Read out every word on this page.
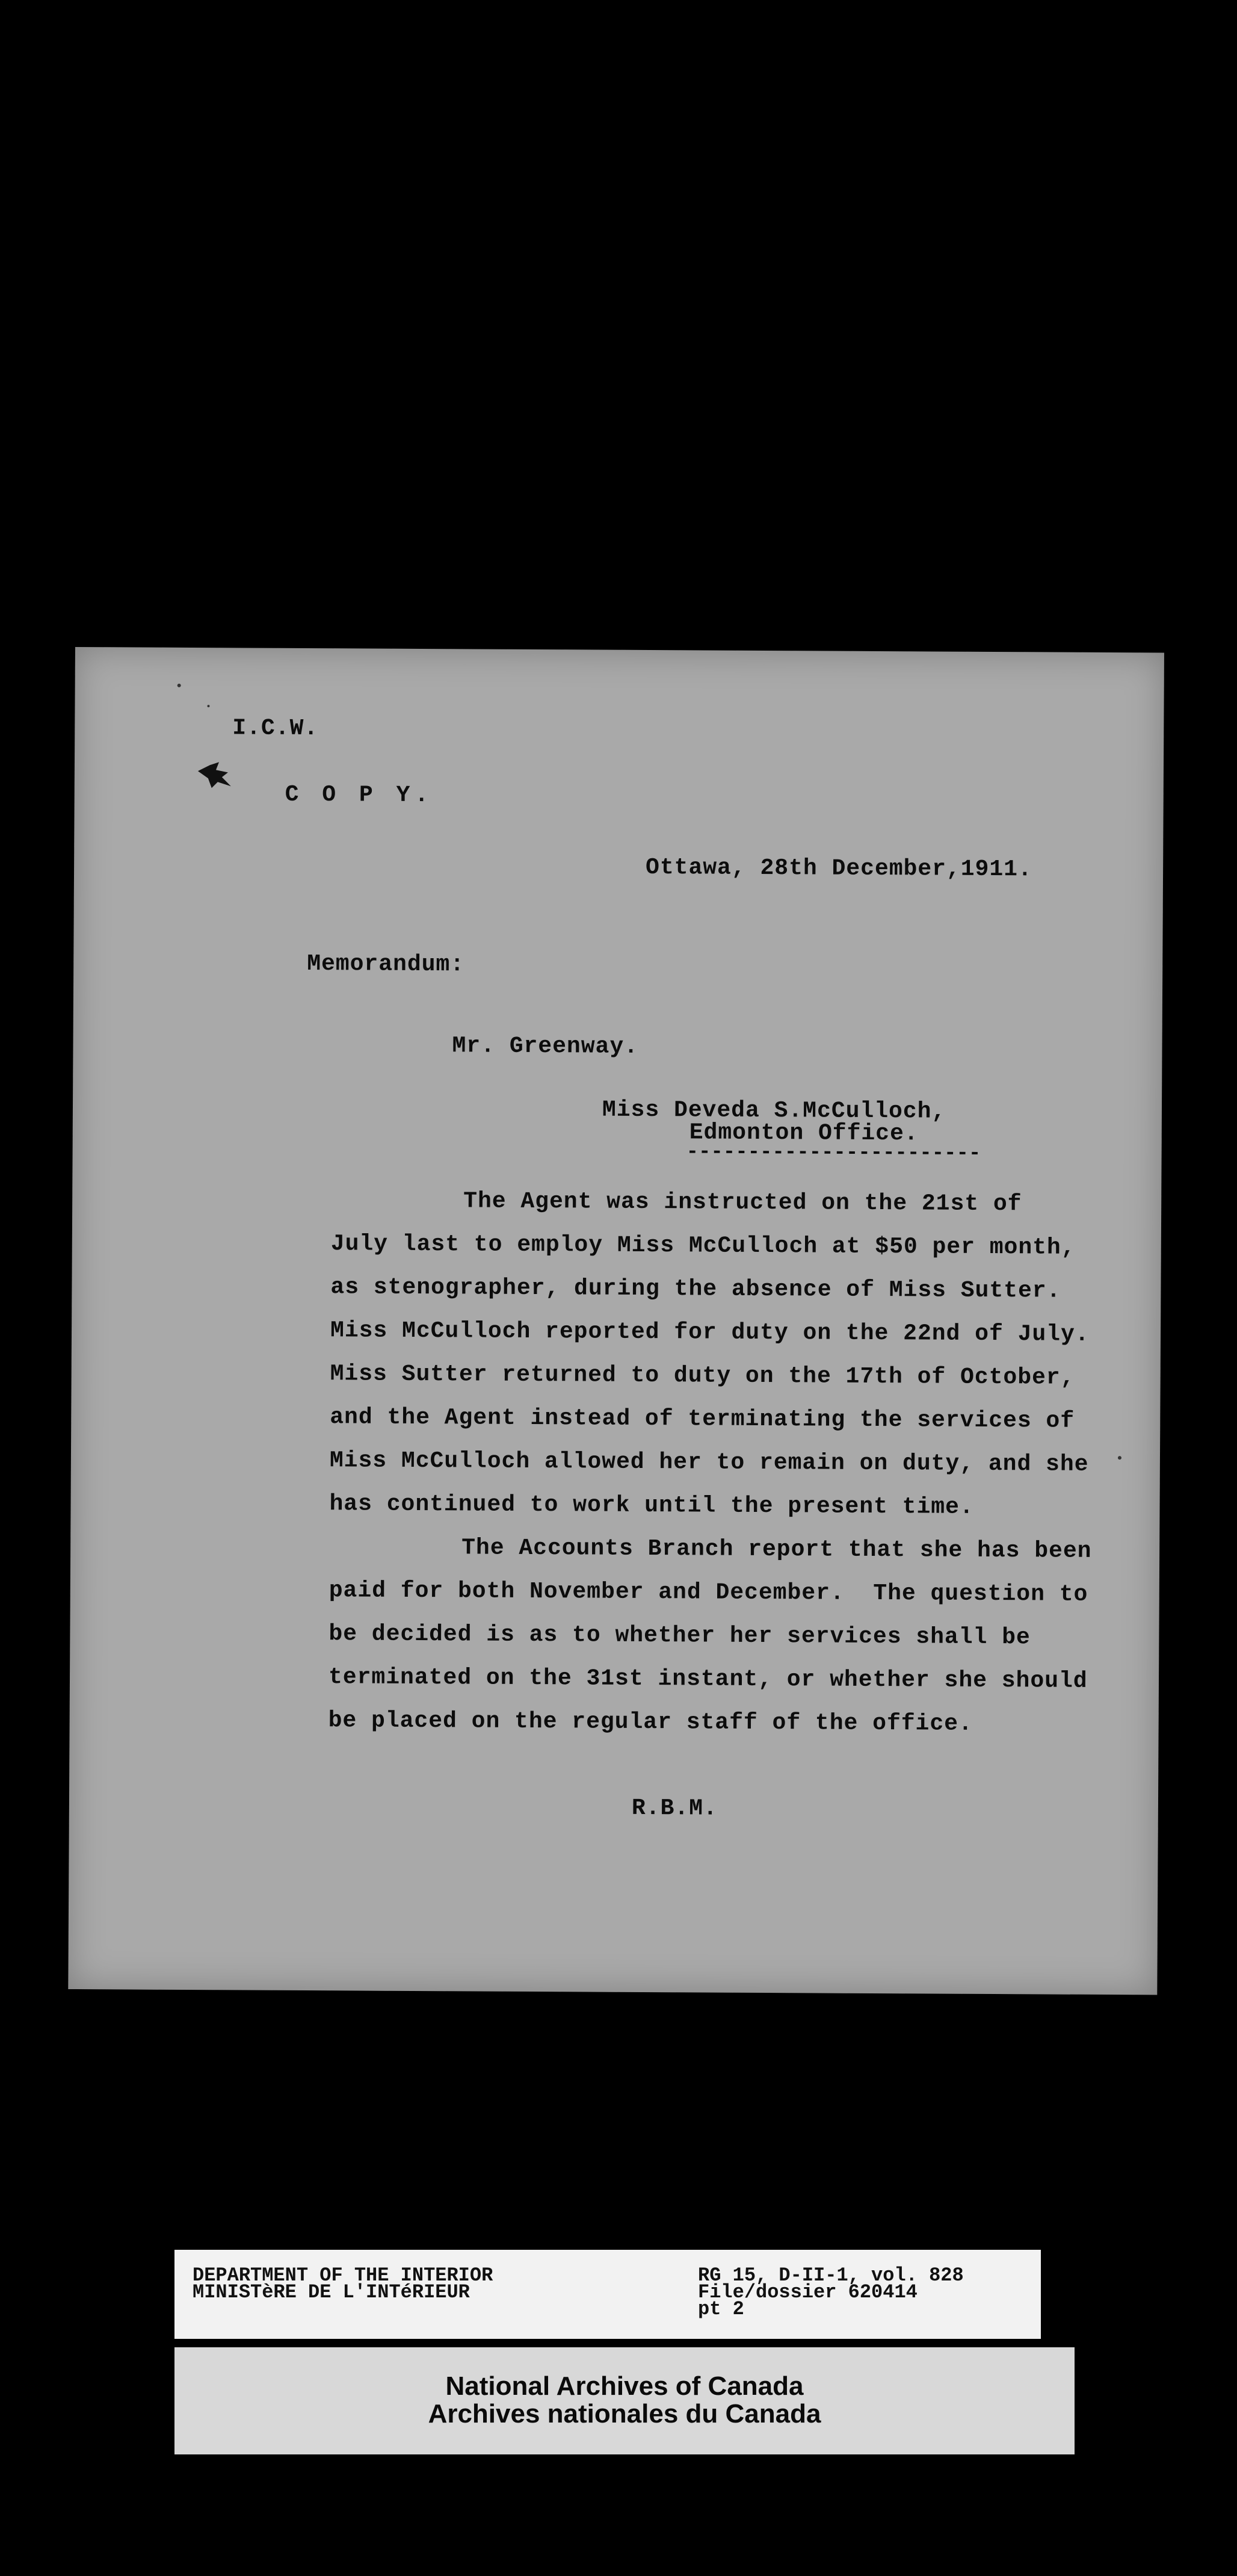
I.C.W.
C O P Y.
Ottawa, 28th December,1911.
Memorandum:
Mr. Greenway.
Miss Deveda S.McCulloch,
Edmonton Office.
------------------------
The Agent was instructed on the 21st of
July last to employ Miss McCulloch at $50 per month,
as stenographer, during the absence of Miss Sutter.
Miss McCulloch reported for duty on the 22nd of July.
Miss Sutter returned to duty on the 17th of October,
and the Agent instead of terminating the services of
Miss McCulloch allowed her to remain on duty, and she
has continued to work until the present time.
The Accounts Branch report that she has been
paid for both November and December.  The question to
be decided is as to whether her services shall be
terminated on the 31st instant, or whether she should
be placed on the regular staff of the office.
R.B.M.
DEPARTMENT OF THE INTERIOR
MINISTèRE DE L'INTéRIEUR
RG 15, D-II-1, vol. 828
File/dossier 620414
pt 2
National Archives of Canada
Archives nationales du Canada
